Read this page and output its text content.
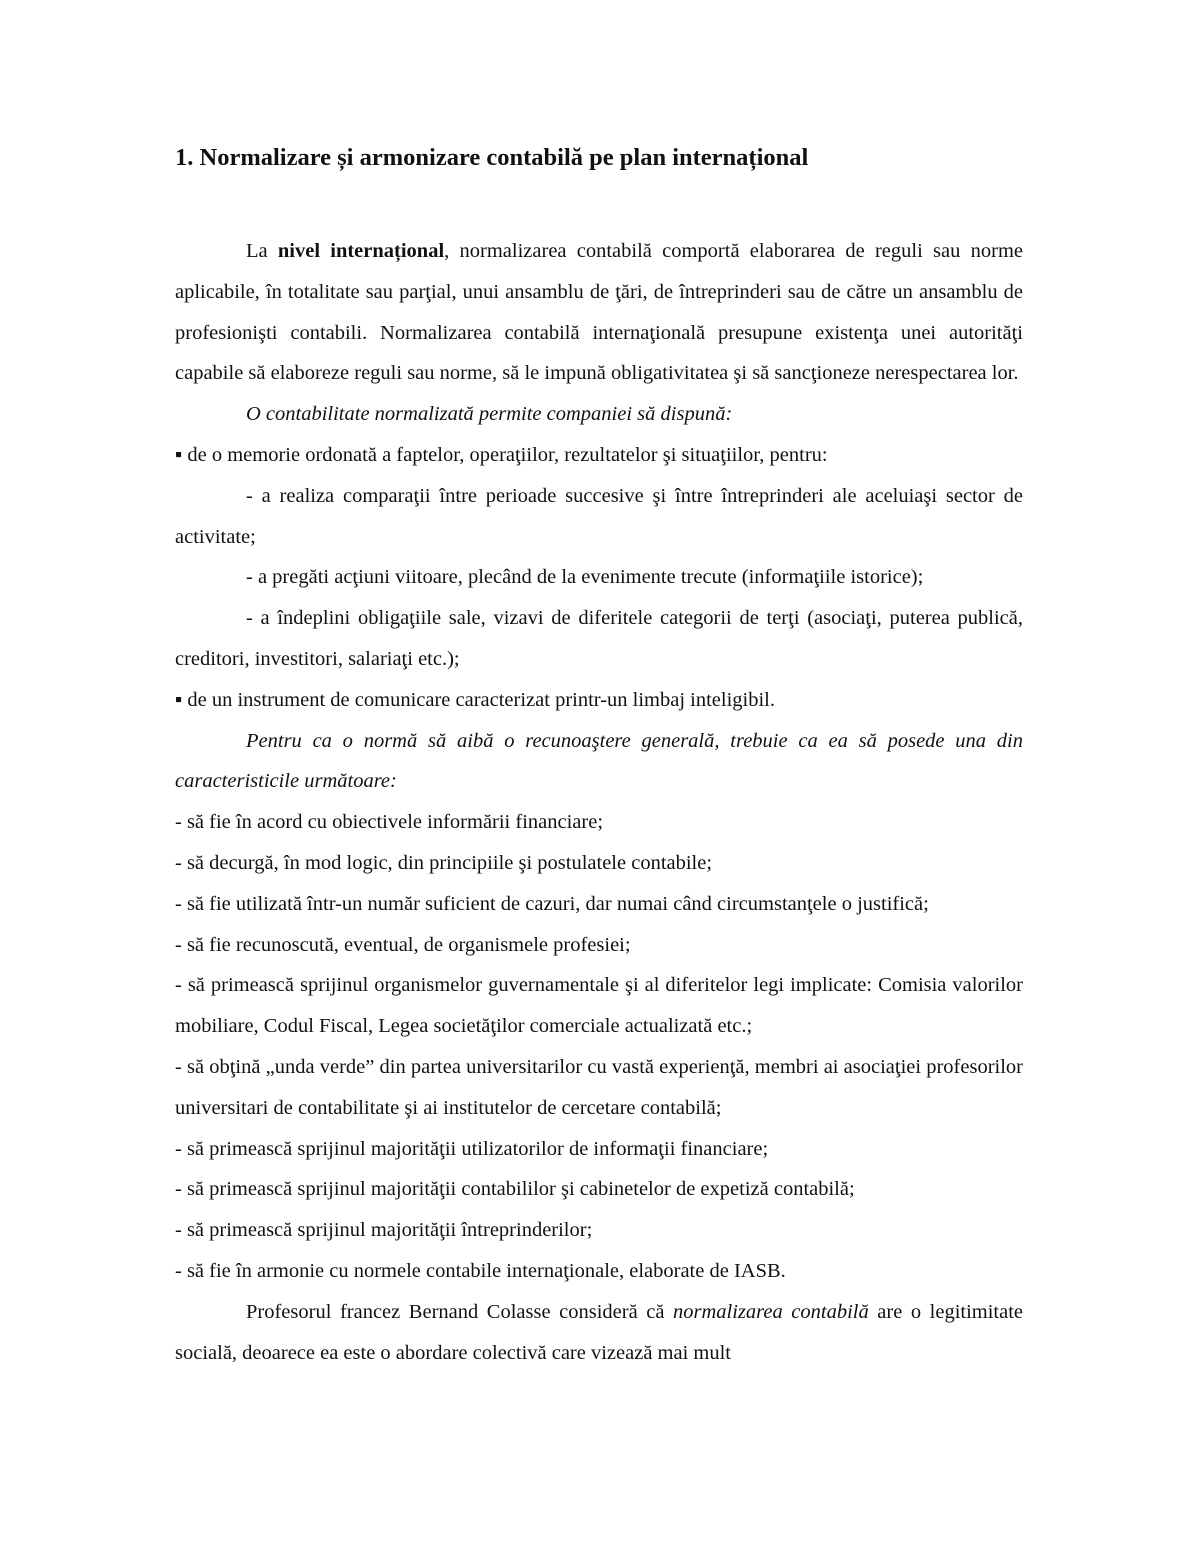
1. Normalizare și armonizare contabilă pe plan internațional

La nivel internațional, normalizarea contabilă comportă elaborarea de reguli sau norme aplicabile, în totalitate sau parţial, unui ansamblu de ţări, de întreprinderi sau de către un ansamblu de profesionişti contabili. Normalizarea contabilă internaţională presupune existenţa unei autorităţi capabile să elaboreze reguli sau norme, să le impună obligativitatea şi să sancţioneze nerespectarea lor.

O contabilitate normalizată permite companiei să dispună:

▪ de o memorie ordonată a faptelor, operaţiilor, rezultatelor şi situaţiilor, pentru:

- a realiza comparaţii între perioade succesive şi între întreprinderi ale aceluiaşi sector de activitate;

- a pregăti acţiuni viitoare, plecând de la evenimente trecute (informaţiile istorice);

- a îndeplini obligaţiile sale, vizavi de diferitele categorii de terţi (asociaţi, puterea publică, creditori, investitori, salariaţi etc.);

▪ de un instrument de comunicare caracterizat printr-un limbaj inteligibil.

Pentru ca o normă să aibă o recunoaştere generală, trebuie ca ea să posede una din caracteristicile următoare:

- să fie în acord cu obiectivele informării financiare;

- să decurgă, în mod logic, din principiile şi postulatele contabile;

- să fie utilizată într-un număr suficient de cazuri, dar numai când circumstanţele o justifică;

- să fie recunoscută, eventual, de organismele profesiei;

- să primească sprijinul organismelor guvernamentale şi al diferitelor legi implicate: Comisia valorilor mobiliare, Codul Fiscal, Legea societăţilor comerciale actualizată etc.;

- să obţină „unda verde” din partea universitarilor cu vastă experienţă, membri ai asociaţiei profesorilor universitari de contabilitate şi ai institutelor de cercetare contabilă;

- să primească sprijinul majorităţii utilizatorilor de informaţii financiare;

- să primească sprijinul majorităţii contabililor şi cabinetelor de expetiză contabilă;

- să primească sprijinul majorităţii întreprinderilor;

- să fie în armonie cu normele contabile internaţionale, elaborate de IASB.

Profesorul francez Bernand Colasse consideră că normalizarea contabilă are o legitimitate socială, deoarece ea este o abordare colectivă care vizează mai mult
